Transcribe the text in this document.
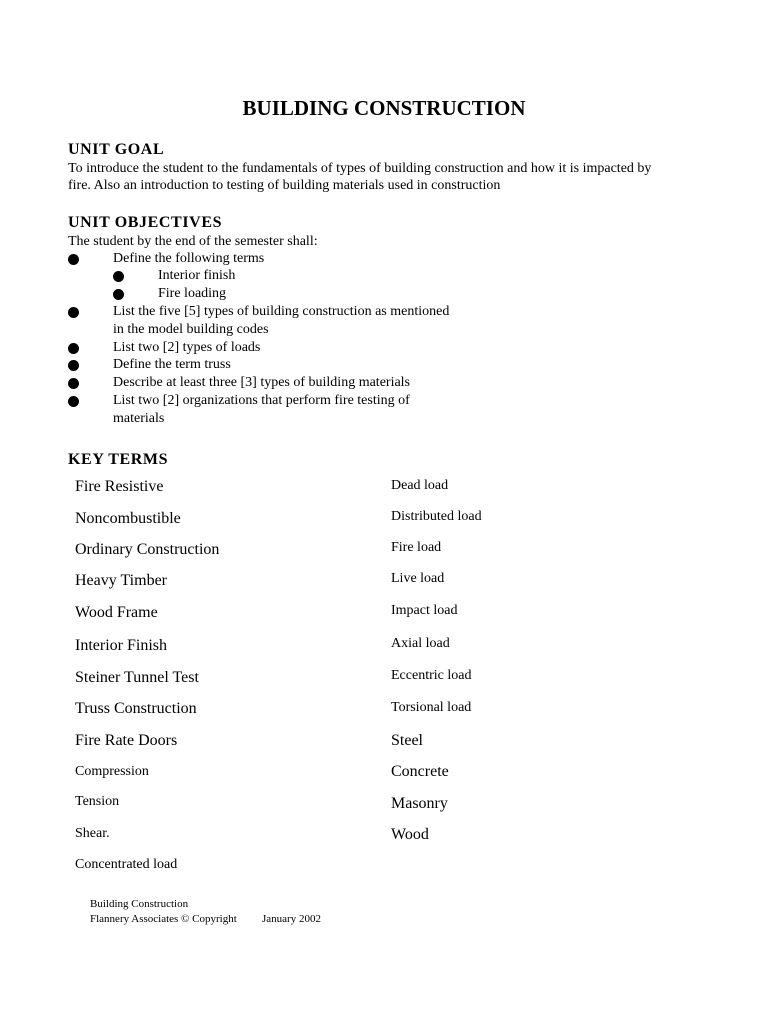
BUILDING CONSTRUCTION
UNIT GOAL
To introduce the student to the fundamentals of types of building construction and how it is impacted by
fire. Also an introduction to testing of building materials used in construction
UNIT OBJECTIVES
The student by the end of the semester shall:
Define the following terms
Interior finish
Fire loading
List the five [5] types of building construction as mentioned
in the model building codes
List two [2] types of loads
Define the term truss
Describe at least three [3] types of building materials
List two [2] organizations that perform fire testing of
materials
KEY TERMS
Fire Resistive
Noncombustible
Ordinary Construction
Heavy Timber
Wood Frame
Interior Finish
Steiner Tunnel Test
Truss Construction
Fire Rate Doors
Compression
Tension
Shear.
Concentrated load
Dead load
Distributed load
Fire load
Live load
Impact load
Axial load
Eccentric load
Torsional load
Steel
Concrete
Masonry
Wood
Building Construction
Flannery Associates © Copyright January 2002
